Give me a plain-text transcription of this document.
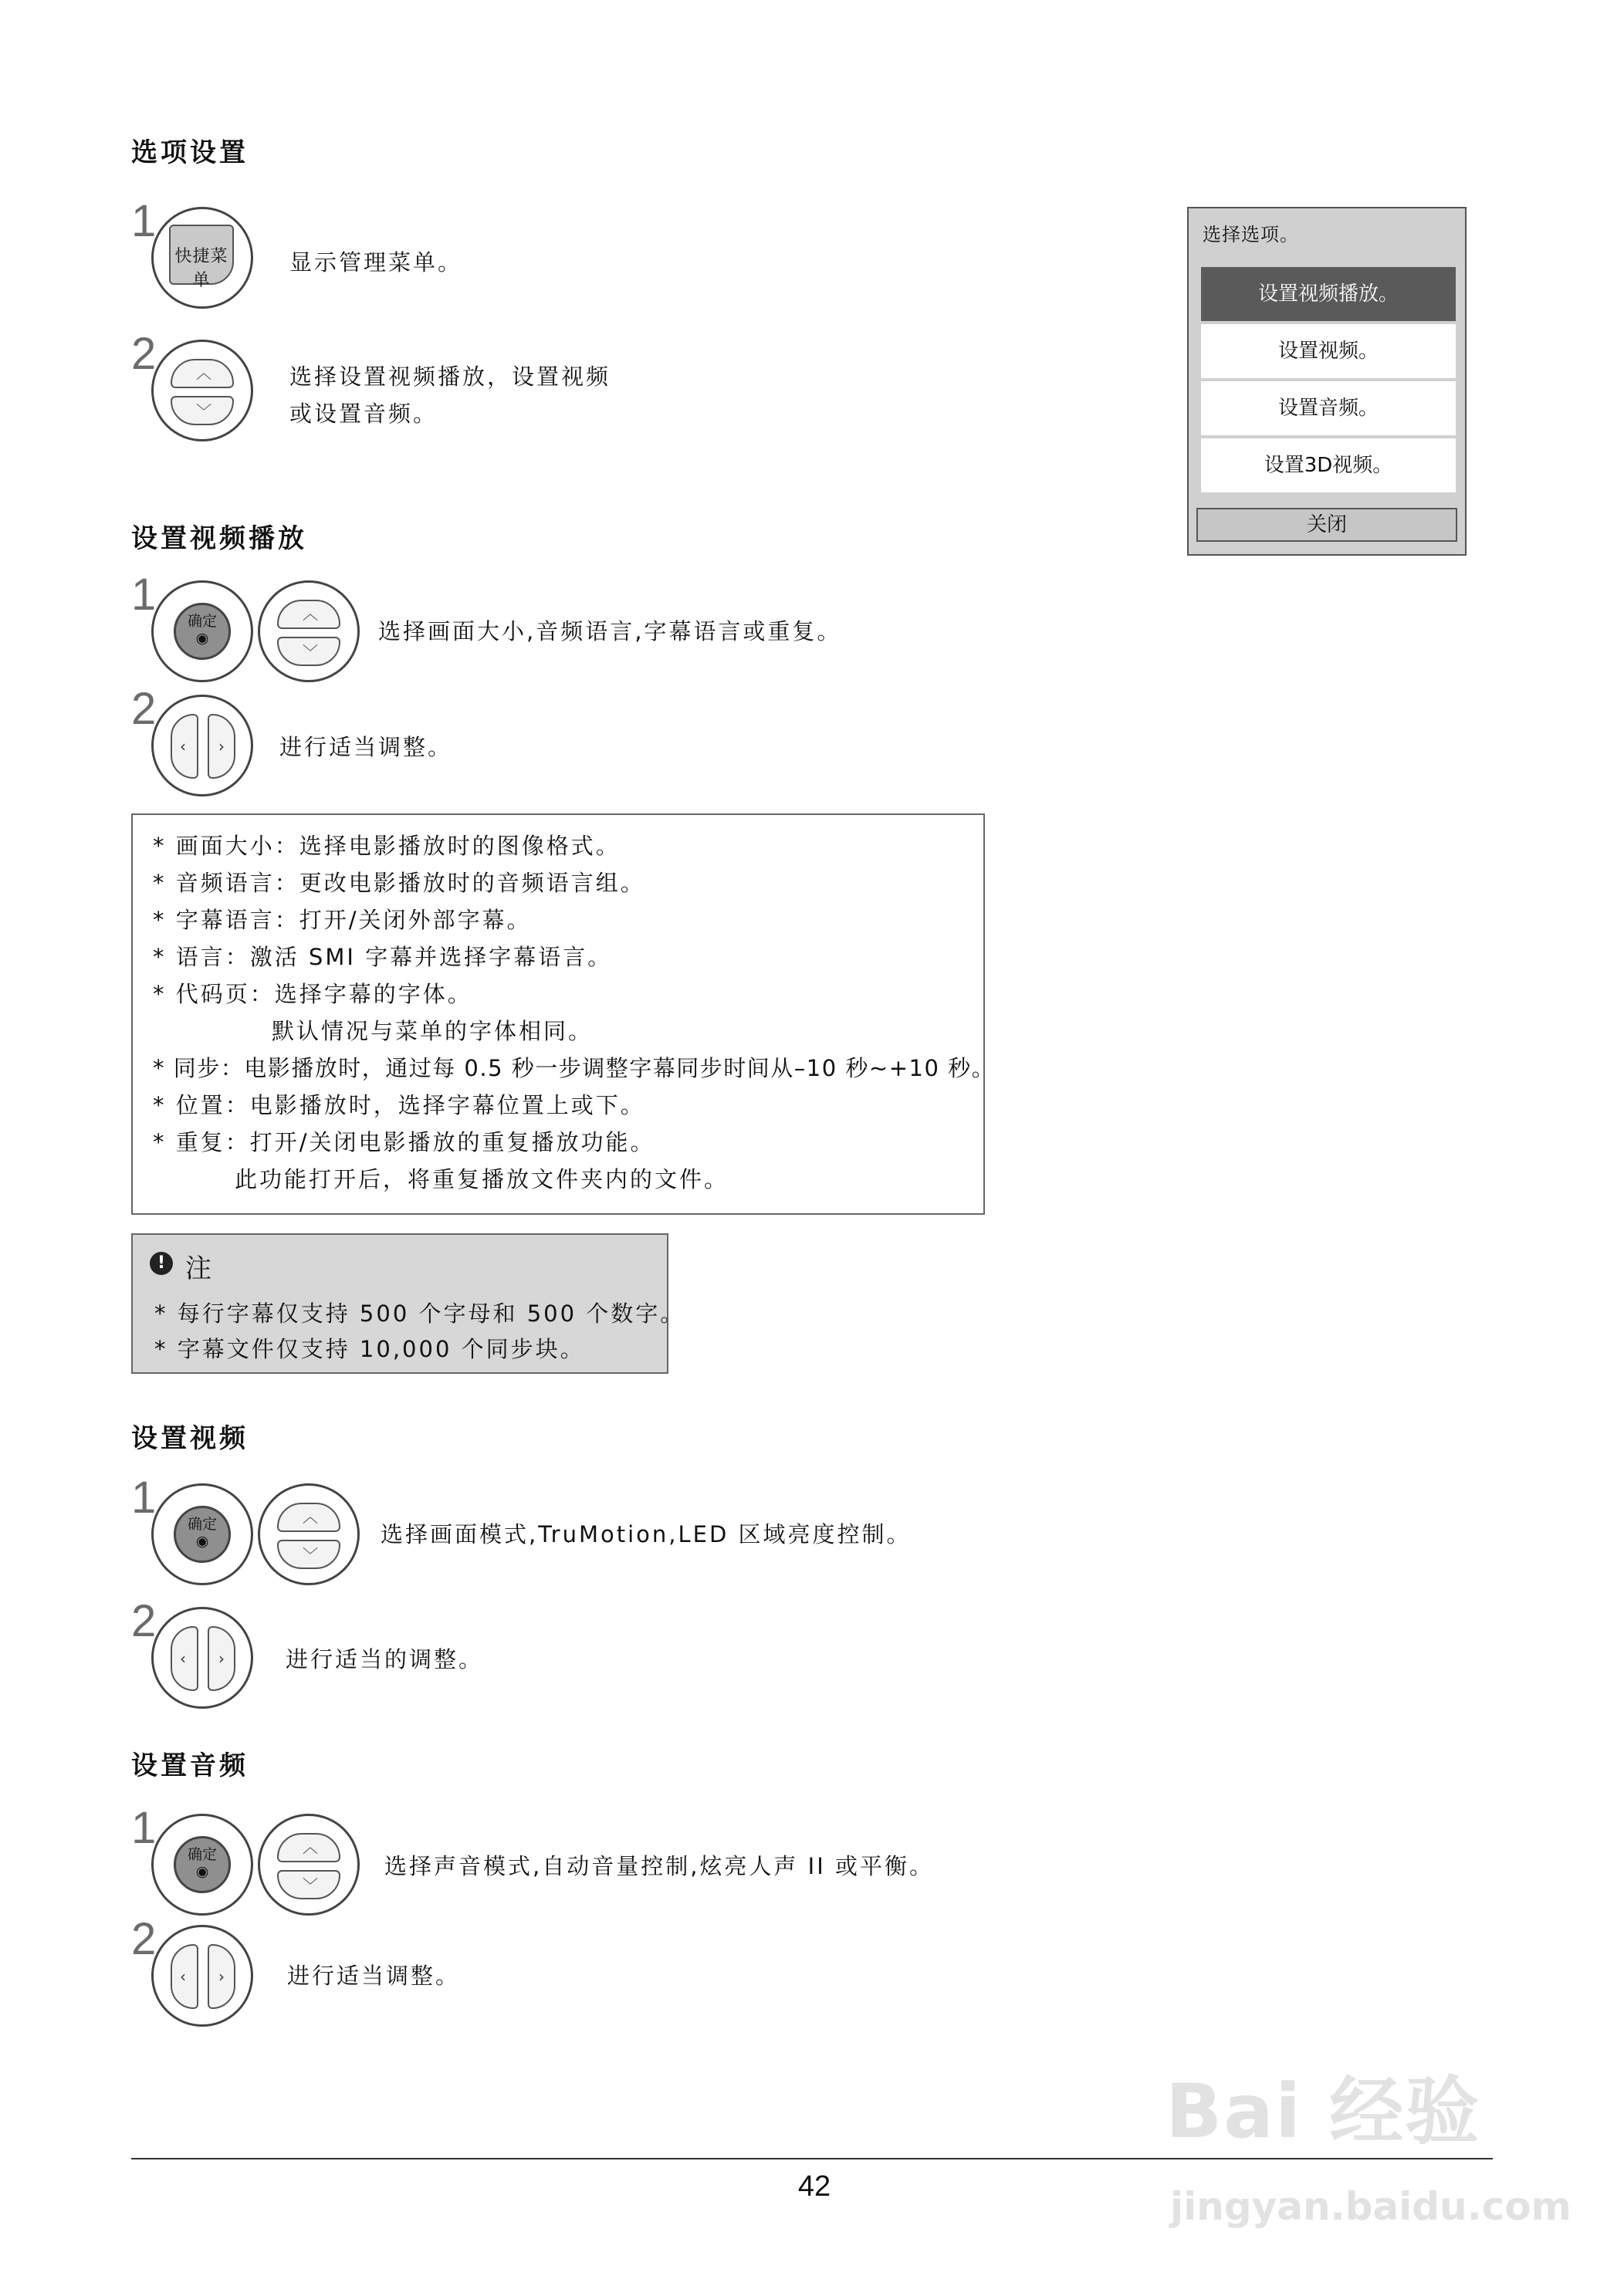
选项设置
1
快捷菜单
显示管理菜单。
2	︿
﹀
选择设置视频播放，设置视频
或设置音频。
选择选项。
设置视频播放。
设置视频。
设置音频。
设置3D视频。
关闭
设置视频播放
1
确定
◉
︿
﹀
选择画面大小,音频语言,字幕语言或重复。
2
‹ › 进行适当调整。
* 画面大小：选择电影播放时的图像格式。
* 音频语言：更改电影播放时的音频语言组。
* 字幕语言：打开/关闭外部字幕。
* 语言：激活 SMI 字幕并选择字幕语言。
* 代码页：选择字幕的字体。
默认情况与菜单的字体相同。
* 同步：电影播放时，通过每 0.5 秒一步调整字幕同步时间从–10 秒~+10 秒。
* 位置：电影播放时，选择字幕位置上或下。
* 重复：打开/关闭电影播放的重复播放功能。
此功能打开后，将重复播放文件夹内的文件。
! 注
* 每行字幕仅支持 500 个字母和 500 个数字。
* 字幕文件仅支持 10,000 个同步块。
设置视频
1
确定
◉
︿
﹀
选择画面模式,TruMotion,LED 区域亮度控制。
2
‹ ›	进行适当的调整。
设置音频
1
确定
◉
︿
﹀
选择声音模式,自动音量控制,炫亮人声 II 或平衡。
2
‹ ›	进行适当调整。
42
Bai 经验
jingyan.baidu.com
